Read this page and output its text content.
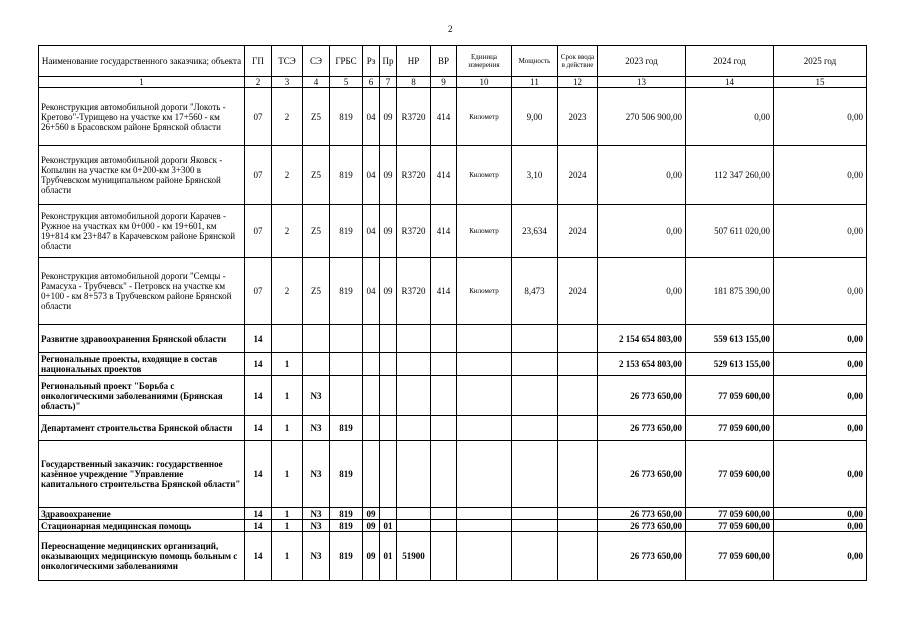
2
Наименование государственного заказчика; объекта	ГП	ТСЭ	СЭ	ГРБС	Рз	Пр	НР	ВР	Единица измерения	Мощность	Срок ввода в действие	2023 год	2024 год	2025 год
1	2	3	4	5	6	7	8	9	10	11	12	13	14	15
Реконструкция автомобильной дороги "Локоть - Кретово"-Турищево на участке км 17+560 - км 26+560 в Брасовском районе Брянской области	07	2	Z5	819	04	09	R3720	414	Километр	9,00	2023	270 506 900,00	0,00	0,00
Реконструкция автомобильной дороги Яковск - Копылин на участке км 0+200-км 3+300 в Трубчевском муниципальном районе Брянской области	07	2	Z5	819	04	09	R3720	414	Километр	3,10	2024	0,00	112 347 260,00	0,00
Реконструкция автомобильной дороги Карачев - Ружное на участках км 0+000 - км 19+601, км 19+814 км 23+847 в Карачевском районе Брянской области	07	2	Z5	819	04	09	R3720	414	Километр	23,634	2024	0,00	507 611 020,00	0,00
Реконструкция автомобильной дороги "Семцы - Рамасуха - Трубчевск" - Петровск на участке км 0+100 - км 8+573 в Трубчевском районе Брянской области	07	2	Z5	819	04	09	R3720	414	Километр	8,473	2024	0,00	181 875 390,00	0,00
Развитие здравоохранения Брянской области	14											2 154 654 803,00	559 613 155,00	0,00
Региональные проекты, входящие в состав национальных проектов	14	1										2 153 654 803,00	529 613 155,00	0,00
Региональный проект "Борьба с онкологическими заболеваниями (Брянская область)"	14	1	N3									26 773 650,00	77 059 600,00	0,00
Департамент строительства Брянской области	14	1	N3	819								26 773 650,00	77 059 600,00	0,00
Государственный заказчик: государственное казённое учреждение "Управление капитального строительства Брянской области"	14	1	N3	819								26 773 650,00	77 059 600,00	0,00
Здравоохранение	14	1	N3	819	09							26 773 650,00	77 059 600,00	0,00
Стационарная медицинская помощь	14	1	N3	819	09	01						26 773 650,00	77 059 600,00	0,00
Переоснащение медицинских организаций, оказывающих медицинскую помощь больным с онкологическими заболеваниями	14	1	N3	819	09	01	51900					26 773 650,00	77 059 600,00	0,00
